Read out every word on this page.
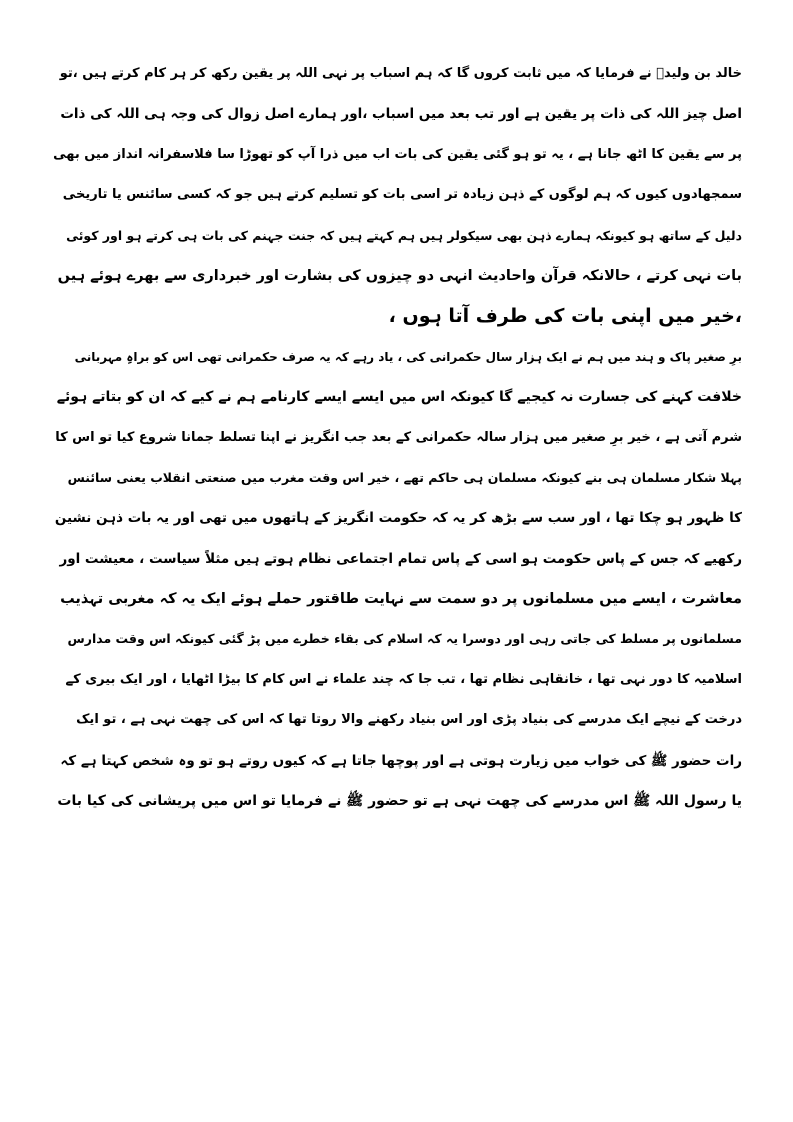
خالد بن ولیدؓ نے فرمایا کہ میں ثابت کروں گا کہ ہم اسباب پر نہی اللہ پر یقین رکھ کر ہر کام کرتے ہیں ،تو
اصل چیز اللہ کی ذات پر یقین ہے اور تب بعد میں اسباب ،اور ہمارے اصل زوال کی وجہ ہی اللہ کی ذات
پر سے یقین کا اٹھ جانا ہے ، یہ تو ہو گئی یقین کی بات اب میں ذرا آپ کو تھوڑا سا فلاسفرانہ انداز میں بھی
سمجھادوں کیوں کہ ہم لوگوں کے ذہن زیادہ تر اسی بات کو تسلیم کرتے ہیں جو کہ کسی سائنس یا تاریخی
دلیل کے ساتھ ہو کیونکہ ہمارے ذہن بھی سیکولر ہیں ہم کہتے ہیں کہ جنت جہنم کی بات ہی کرتے ہو اور کوئی
بات نہی کرتے ، حالانکہ قرآن واحادیث انہی دو چیزوں کی بشارت اور خبرداری سے بھرے ہوئے ہیں
،خیر میں اپنی بات کی طرف آتا ہوں ،
برِ صغیر پاک و ہند میں ہم نے ایک ہزار سال حکمرانی کی ، یاد رہے کہ یہ صرف حکمرانی تھی اس کو براہِ مہربانی
خلافت کہنے کی جسارت نہ کیجیے گا کیونکہ اس میں ایسے ایسے کارنامے ہم نے کیے کہ ان کو بتاتے ہوئے
شرم آتی ہے ، خیر برِ صغیر میں ہزار سالہ حکمرانی کے بعد جب انگریز نے اپنا تسلط جمانا شروع کیا تو اس کا
پہلا شکار مسلمان ہی بنے کیونکہ مسلمان ہی حاکم تھے ، خیر اس وقت مغرب میں صنعتی انقلاب یعنی سائنس
کا ظہور ہو چکا تھا ، اور سب سے بڑھ کر یہ کہ حکومت انگریز کے ہاتھوں میں تھی اور یہ بات ذہن نشین
رکھیے کہ جس کے پاس حکومت ہو اسی کے پاس تمام اجتماعی نظام ہوتے ہیں مثلاً سیاست ، معیشت اور
معاشرت ، ایسے میں مسلمانوں پر دو سمت سے نہایت طاقتور حملے ہوئے ایک یہ کہ مغربی تہذیب
مسلمانوں پر مسلط کی جاتی رہی اور دوسرا یہ کہ اسلام کی بقاء خطرے میں پڑ گئی کیونکہ اس وقت مدارس
اسلامیہ کا دور نہی تھا ، خانقاہی نظام تھا ، تب جا کہ چند علماء نے اس کام کا بیڑا اٹھایا ، اور ایک بیری کے
درخت کے نیچے ایک مدرسے کی بنیاد پڑی اور اس بنیاد رکھنے والا روتا تھا کہ اس کی چھت نہی ہے ، تو ایک
رات حضور ﷺ کی خواب میں زیارت ہوتی ہے اور پوچھا جاتا ہے کہ کیوں روتے ہو تو وہ شخص کہتا ہے کہ
یا رسول اللہ ﷺ اس مدرسے کی چھت نہی ہے تو حضور ﷺ نے فرمایا تو اس میں پریشانی کی کیا بات
